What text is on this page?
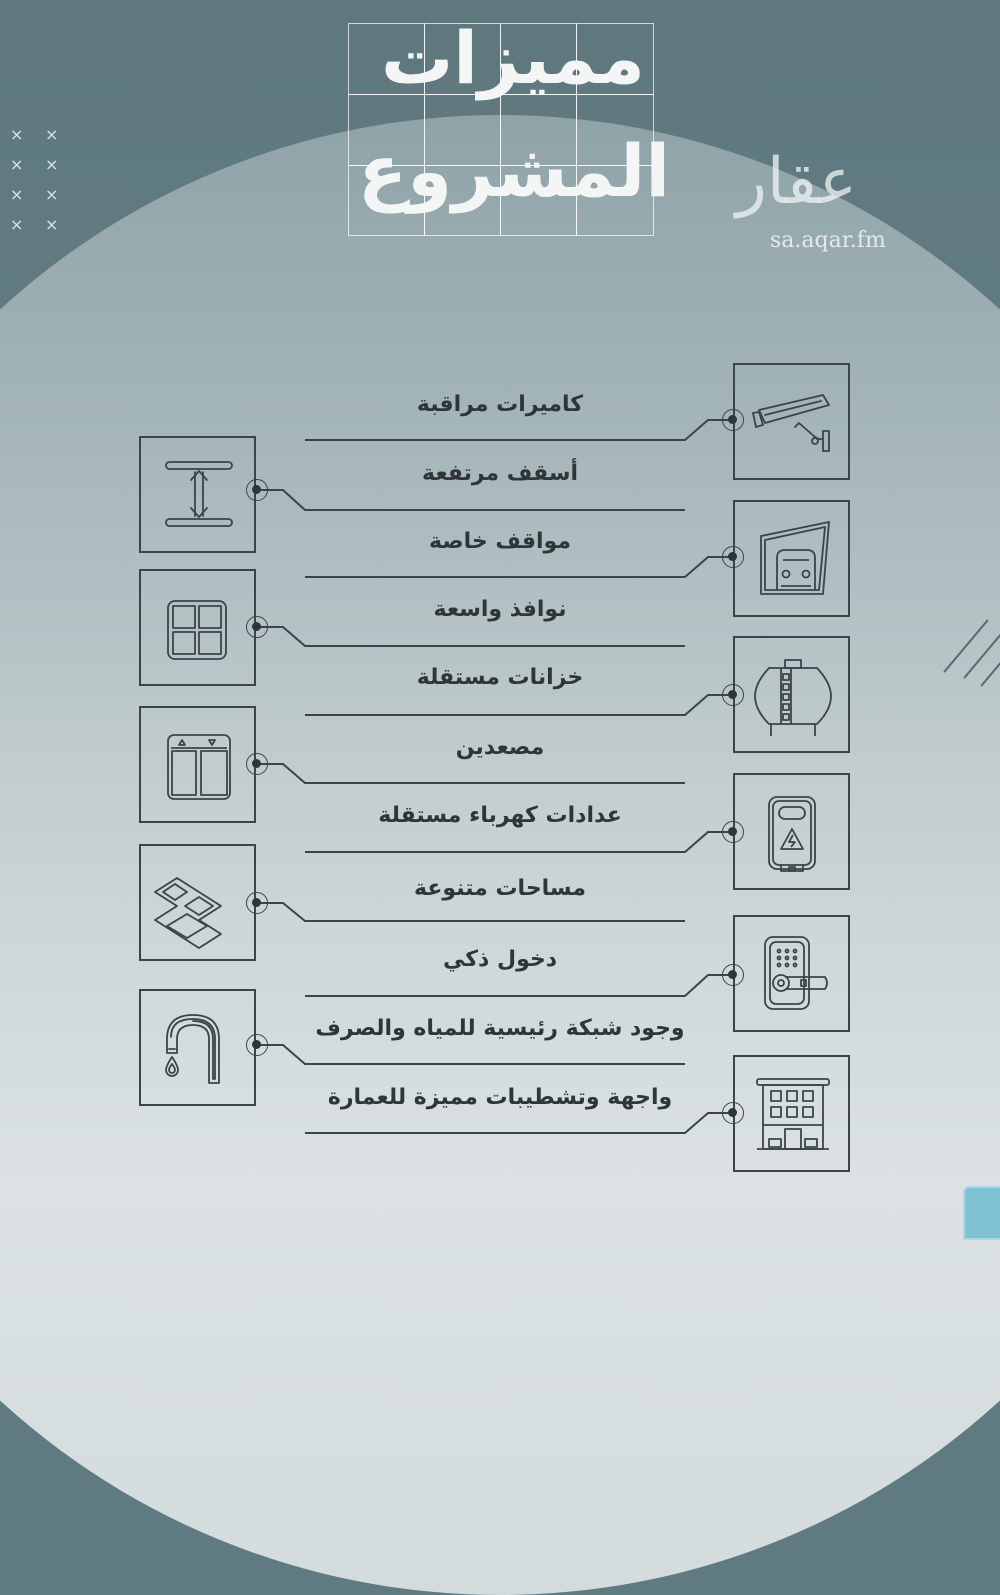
× ×
× ×
× ×
× ×
مميزات
المشروع عقار
sa.aqar.fm
كاميرات مراقبة
أسقف مرتفعة
مواقف خاصة
نوافذ واسعة
خزانات مستقلة
مصعدين
عدادات كهرباء مستقلة
مساحات متنوعة
دخول ذكي
وجود شبكة رئيسية للمياه والصرف
واجهة وتشطيبات مميزة للعمارة
